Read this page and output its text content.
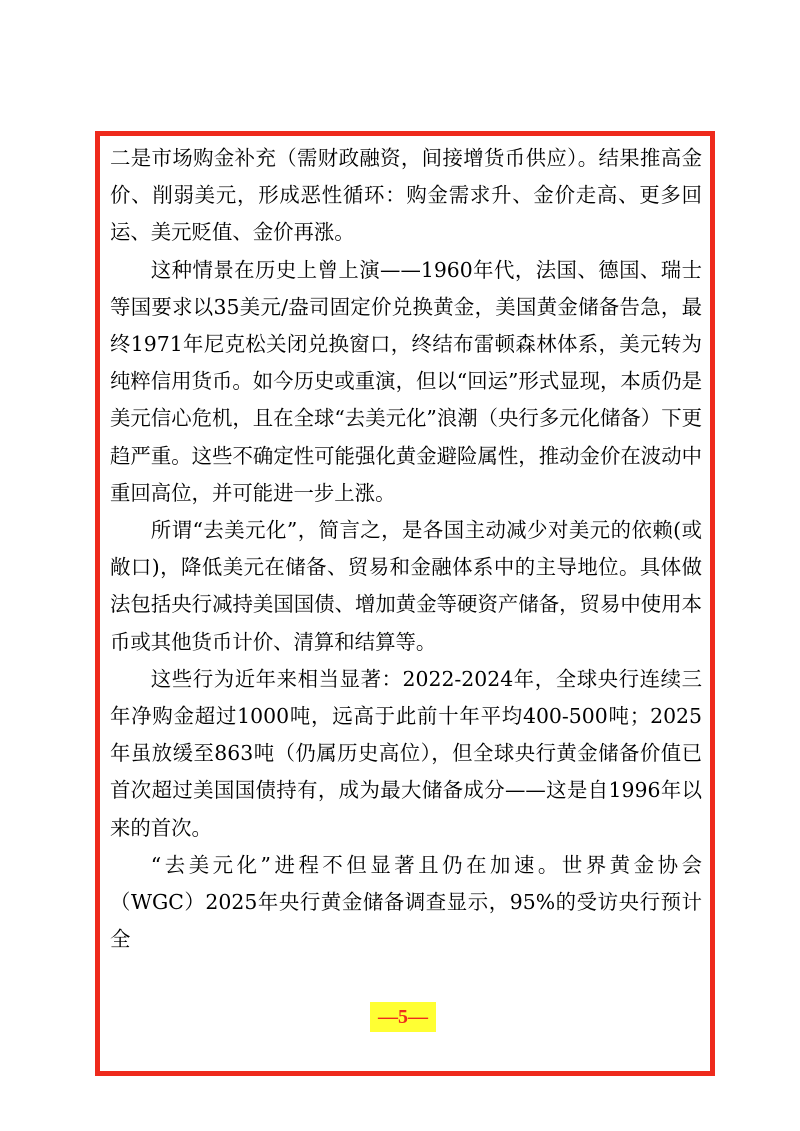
二是市场购金补充（需财政融资，间接增货币供应）。结果推高金价、削弱美元，形成恶性循环：购金需求升、金价走高、更多回运、美元贬值、金价再涨。

这种情景在历史上曾上演——1960年代，法国、德国、瑞士等国要求以35美元/盎司固定价兑换黄金，美国黄金储备告急，最终1971年尼克松关闭兑换窗口，终结布雷顿森林体系，美元转为纯粹信用货币。如今历史或重演，但以“回运”形式显现，本质仍是美元信心危机，且在全球“去美元化”浪潮（央行多元化储备）下更趋严重。这些不确定性可能强化黄金避险属性，推动金价在波动中重回高位，并可能进一步上涨。

所谓“去美元化”，简言之，是各国主动减少对美元的依赖(或敞口)，降低美元在储备、贸易和金融体系中的主导地位。具体做法包括央行减持美国国债、增加黄金等硬资产储备，贸易中使用本币或其他货币计价、清算和结算等。

这些行为近年来相当显著：2022-2024年，全球央行连续三年净购金超过1000吨，远高于此前十年平均400-500吨；2025年虽放缓至863吨（仍属历史高位），但全球央行黄金储备价值已首次超过美国国债持有，成为最大储备成分——这是自1996年以来的首次。

“去美元化”进程不但显著且仍在加速。世界黄金协会（WGC）2025年央行黄金储备调查显示，95%的受访央行预计全

—5—
